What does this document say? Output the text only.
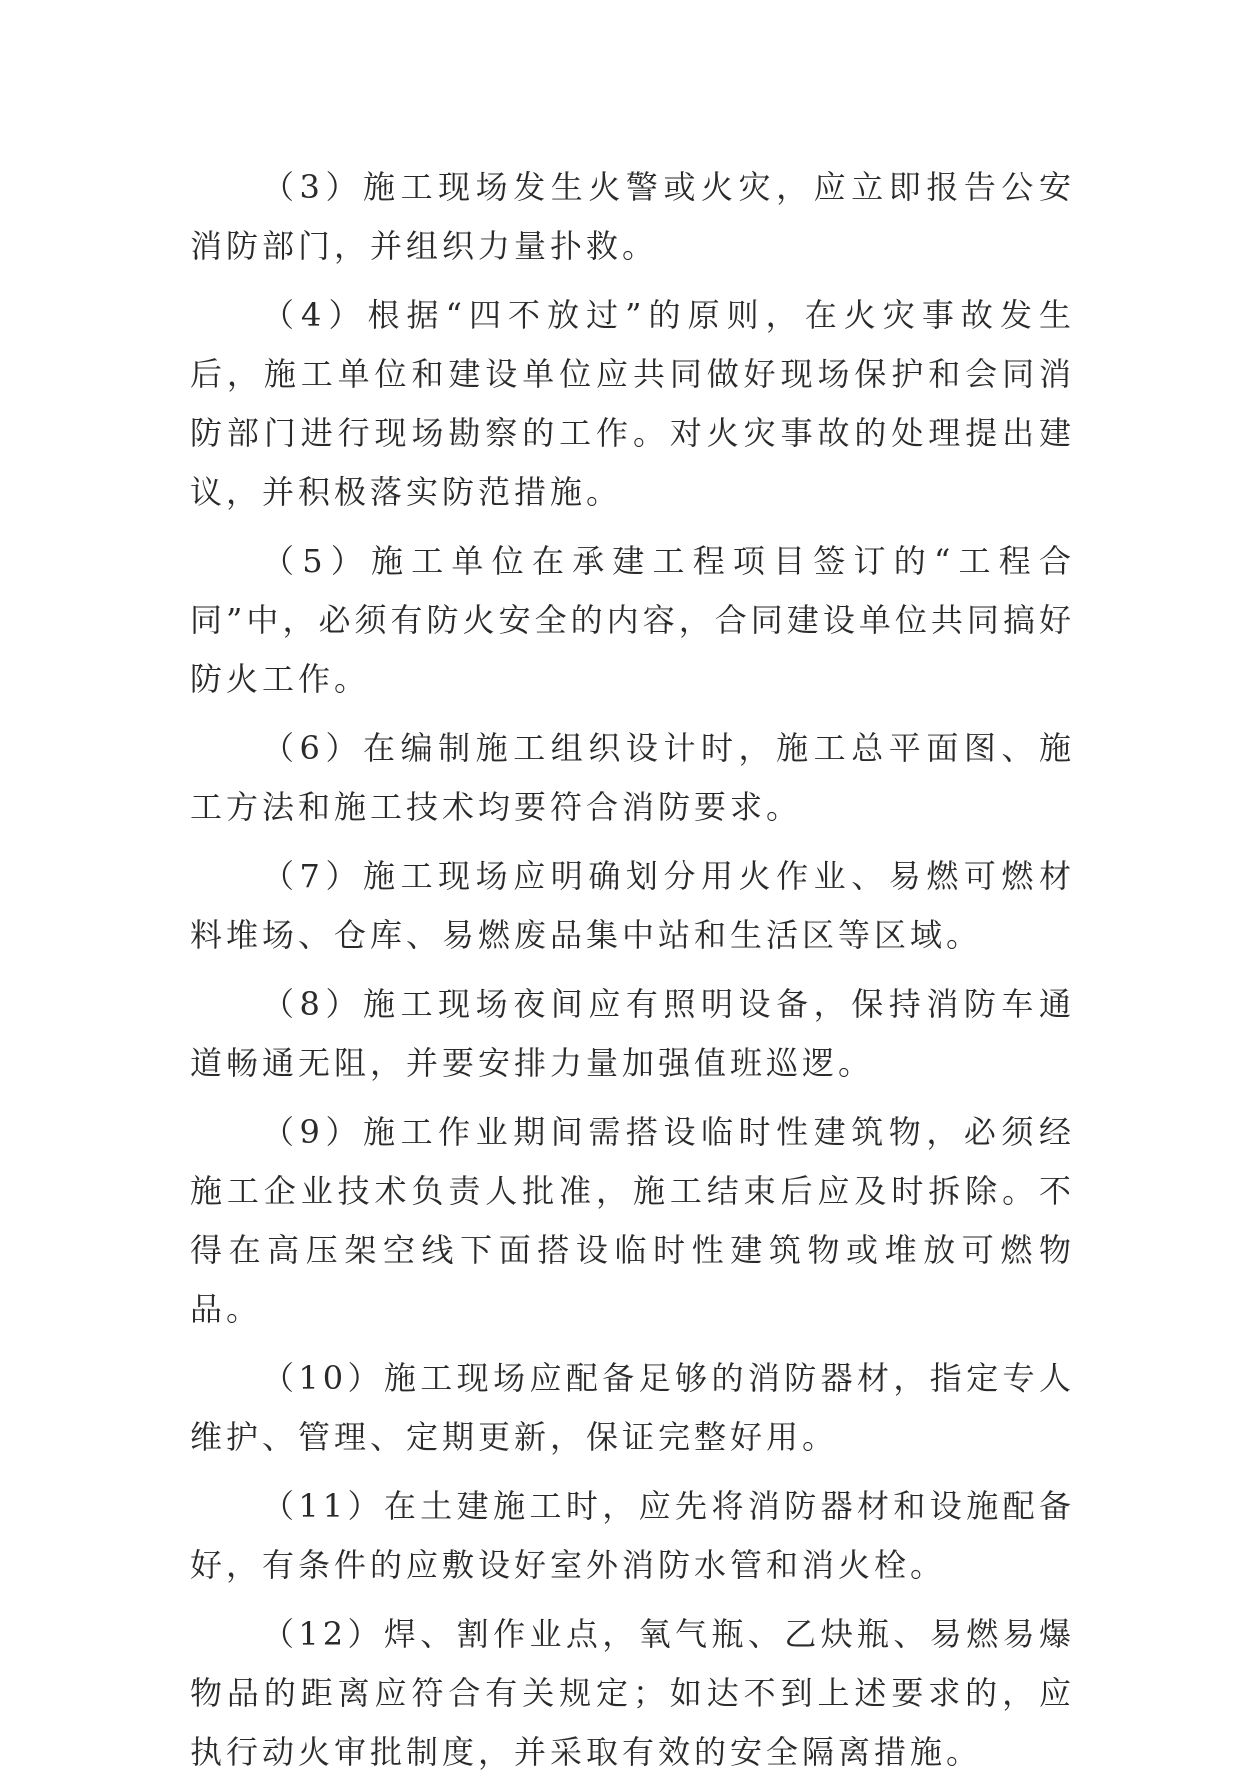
（3）施工现场发生火警或火灾，应立即报告公安消防部门，并组织力量扑救。

（4）根据“四不放过”的原则，在火灾事故发生后，施工单位和建设单位应共同做好现场保护和会同消防部门进行现场勘察的工作。对火灾事故的处理提出建议，并积极落实防范措施。

（5）施工单位在承建工程项目签订的“工程合同”中，必须有防火安全的内容，合同建设单位共同搞好防火工作。

（6）在编制施工组织设计时，施工总平面图、施工方法和施工技术均要符合消防要求。

（7）施工现场应明确划分用火作业、易燃可燃材料堆场、仓库、易燃废品集中站和生活区等区域。

（8）施工现场夜间应有照明设备，保持消防车通道畅通无阻，并要安排力量加强值班巡逻。

（9）施工作业期间需搭设临时性建筑物，必须经施工企业技术负责人批准，施工结束后应及时拆除。不得在高压架空线下面搭设临时性建筑物或堆放可燃物品。

（10）施工现场应配备足够的消防器材，指定专人维护、管理、定期更新，保证完整好用。

（11）在土建施工时，应先将消防器材和设施配备好，有条件的应敷设好室外消防水管和消火栓。

（12）焊、割作业点，氧气瓶、乙炔瓶、易燃易爆物品的距离应符合有关规定；如达不到上述要求的，应执行动火审批制度，并采取有效的安全隔离措施。
